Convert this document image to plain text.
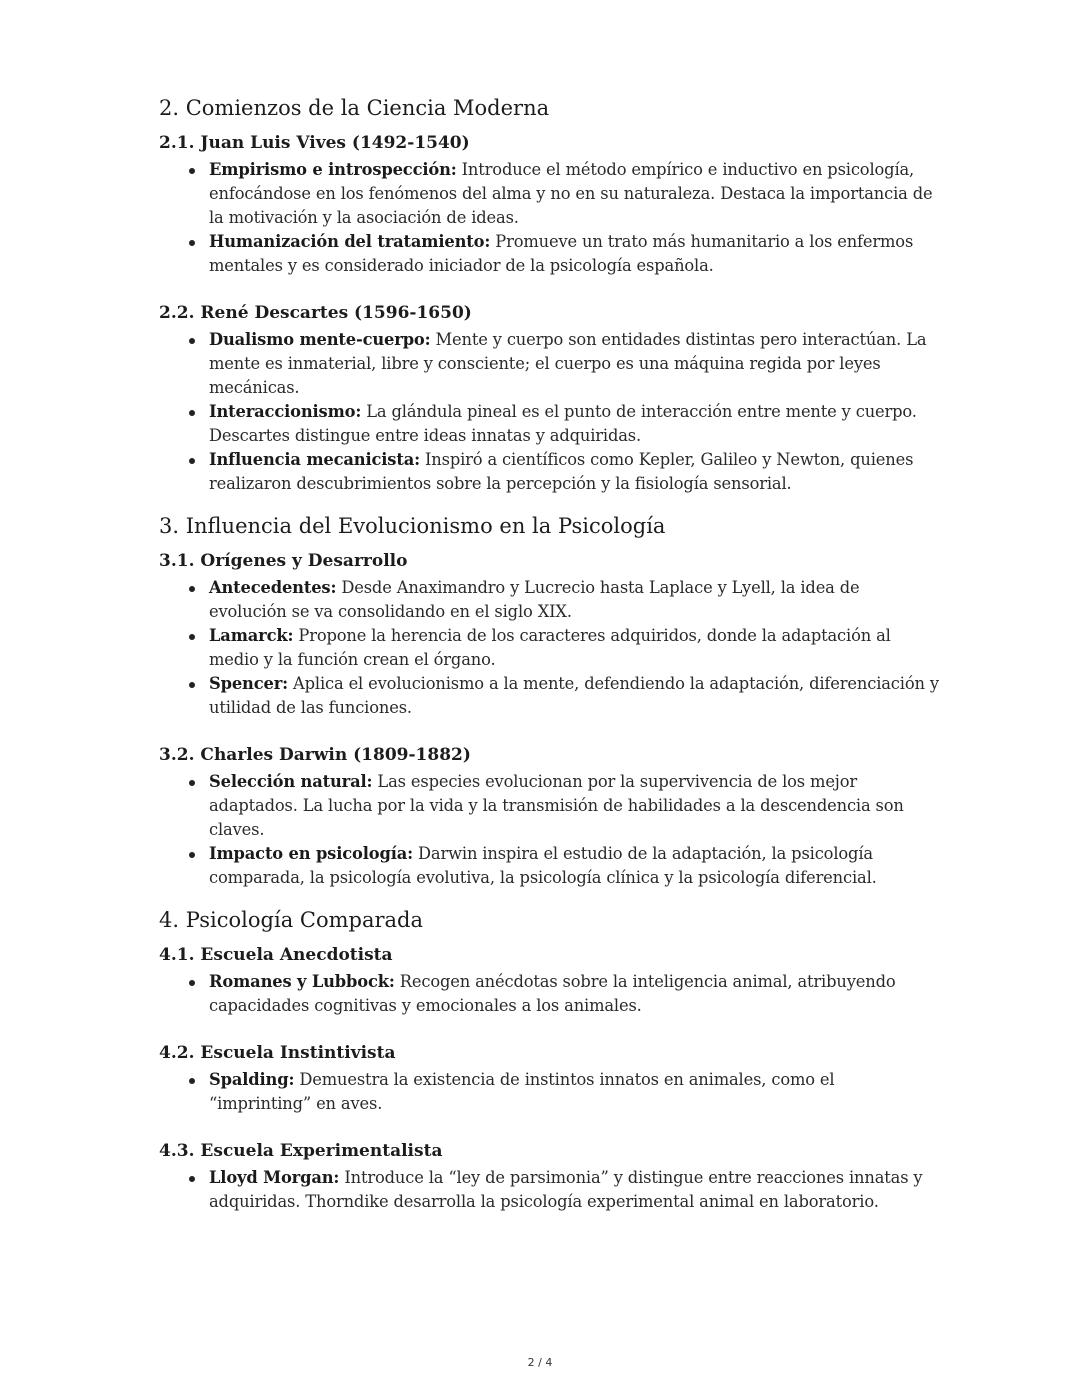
2. Comienzos de la Ciencia Moderna
2.1. Juan Luis Vives (1492-1540)
Empirismo e introspección: Introduce el método empírico e inductivo en psicología, enfocándose en los fenómenos del alma y no en su naturaleza. Destaca la importancia de la motivación y la asociación de ideas.
Humanización del tratamiento: Promueve un trato más humanitario a los enfermos mentales y es considerado iniciador de la psicología española.
2.2. René Descartes (1596-1650)
Dualismo mente-cuerpo: Mente y cuerpo son entidades distintas pero interactúan. La mente es inmaterial, libre y consciente; el cuerpo es una máquina regida por leyes mecánicas.
Interaccionismo: La glándula pineal es el punto de interacción entre mente y cuerpo. Descartes distingue entre ideas innatas y adquiridas.
Influencia mecanicista: Inspiró a científicos como Kepler, Galileo y Newton, quienes realizaron descubrimientos sobre la percepción y la fisiología sensorial.
3. Influencia del Evolucionismo en la Psicología
3.1. Orígenes y Desarrollo
Antecedentes: Desde Anaximandro y Lucrecio hasta Laplace y Lyell, la idea de evolución se va consolidando en el siglo XIX.
Lamarck: Propone la herencia de los caracteres adquiridos, donde la adaptación al medio y la función crean el órgano.
Spencer: Aplica el evolucionismo a la mente, defendiendo la adaptación, diferenciación y utilidad de las funciones.
3.2. Charles Darwin (1809-1882)
Selección natural: Las especies evolucionan por la supervivencia de los mejor adaptados. La lucha por la vida y la transmisión de habilidades a la descendencia son claves.
Impacto en psicología: Darwin inspira el estudio de la adaptación, la psicología comparada, la psicología evolutiva, la psicología clínica y la psicología diferencial.
4. Psicología Comparada
4.1. Escuela Anecdotista
Romanes y Lubbock: Recogen anécdotas sobre la inteligencia animal, atribuyendo capacidades cognitivas y emocionales a los animales.
4.2. Escuela Instintivista
Spalding: Demuestra la existencia de instintos innatos en animales, como el “imprinting” en aves.
4.3. Escuela Experimentalista
Lloyd Morgan: Introduce la “ley de parsimonia” y distingue entre reacciones innatas y adquiridas. Thorndike desarrolla la psicología experimental animal en laboratorio.
2 / 4
